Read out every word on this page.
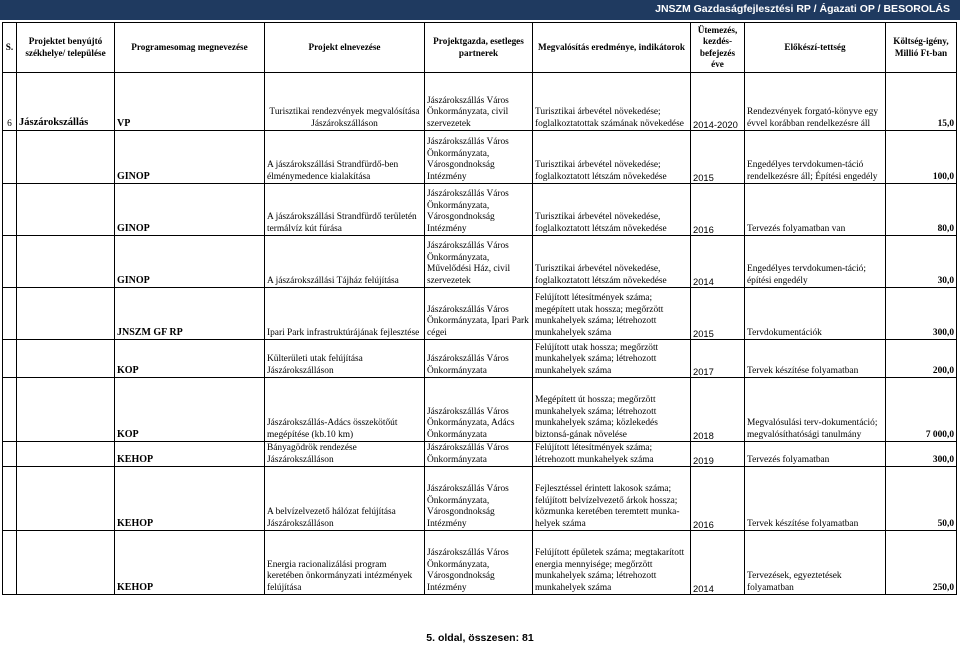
JNSZM Gazdaságfejlesztési RP / Ágazati OP / BESOROLÁS
S.	Projektet benyújtó székhelye/ települése	Programesomag megnevezése	Projekt elnevezése	Projektgazda, esetleges partnerek	Megvalósítás eredménye, indikátorok	Ütemezés, kezdés-befejezés éve	Előkészí-tettség	Költség-igény, Millió Ft-ban
6	Jászárokszállás	VP	Turisztikai rendezvények megvalósítása Jászárokszálláson	Jászárokszállás Város Önkormányzata, civil szervezetek	Turisztikai árbevétel növekedése; foglalkoztatottak számának növekedése	2014-2020	Rendezvények forgató-könyve egy évvel korábban rendelkezésre áll	15,0
		GINOP	A jászárokszállási Strandfürdő-ben élménymedence kialakítása	Jászárokszállás Város Önkormányzata, Városgondnokság Intézmény	Turisztikai árbevétel növekedése; foglalkoztatott létszám növekedése	2015	Engedélyes tervdokumen-táció rendelkezésre áll; Építési engedély	100,0
		GINOP	A jászárokszállási Strandfürdő területén termálvíz kút fúrása	Jászárokszállás Város Önkormányzata, Városgondnokság Intézmény	Turisztikai árbevétel növekedése, foglalkoztatott létszám növekedése	2016	Tervezés folyamatban van	80,0
		GINOP	A jászárokszállási Tájház felújítása	Jászárokszállás Város Önkormányzata, Művelődési Ház, civil szervezetek	Turisztikai árbevétel növekedése, foglalkoztatott létszám növekedése	2014	Engedélyes tervdokumen-táció; építési engedély	30,0
		JNSZM GF RP	Ipari Park infrastruktúrájának fejlesztése	Jászárokszállás Város Önkormányzata, Ipari Park cégei	Felújított létesítmények száma; megépített utak hossza; megőrzött munkahelyek száma; létrehozott munkahelyek száma	2015	Tervdokumentációk	300,0
		KOP	Külterületi utak felújítása Jászárokszálláson	Jászárokszállás Város Önkormányzata	Felújított utak hossza; megőrzött munkahelyek száma; létrehozott munkahelyek száma	2017	Tervek készítése folyamatban	200,0
		KOP	Jászárokszállás-Adács összekötőút megépítése (kb.10 km)	Jászárokszállás Város Önkormányzata, Adács Önkormányzata	Megépített út hossza; megőrzött munkahelyek száma; létrehozott munkahelyek száma; közlekedés biztonsá-gának növelése	2018	Megvalósulási terv-dokumentáció; megvalósíthatósági tanulmány	7 000,0
		KEHOP	Bányagödrök rendezése Jászárokszálláson	Jászárokszállás Város Önkormányzata	Felújított létesítmények száma; létrehozott munkahelyek száma	2019	Tervezés folyamatban	300,0
		KEHOP	A belvízelvezető hálózat felújítása Jászárokszálláson	Jászárokszállás Város Önkormányzata, Városgondnokság Intézmény	Fejlesztéssel érintett lakosok száma; felújított belvízelvezető árkok hossza; közmunka keretében teremtett munka-helyek száma	2016	Tervek készítése folyamatban	50,0
		KEHOP	Energia racionalizálási program keretében önkormányzati intézmények felújítása	Jászárokszállás Város Önkormányzata, Városgondnokság Intézmény	Felújított épületek száma; megtakarított energia mennyisége; megőrzött munkahelyek száma; létrehozott munkahelyek száma	2014	Tervezések, egyeztetések folyamatban	250,0
5. oldal, összesen: 81
